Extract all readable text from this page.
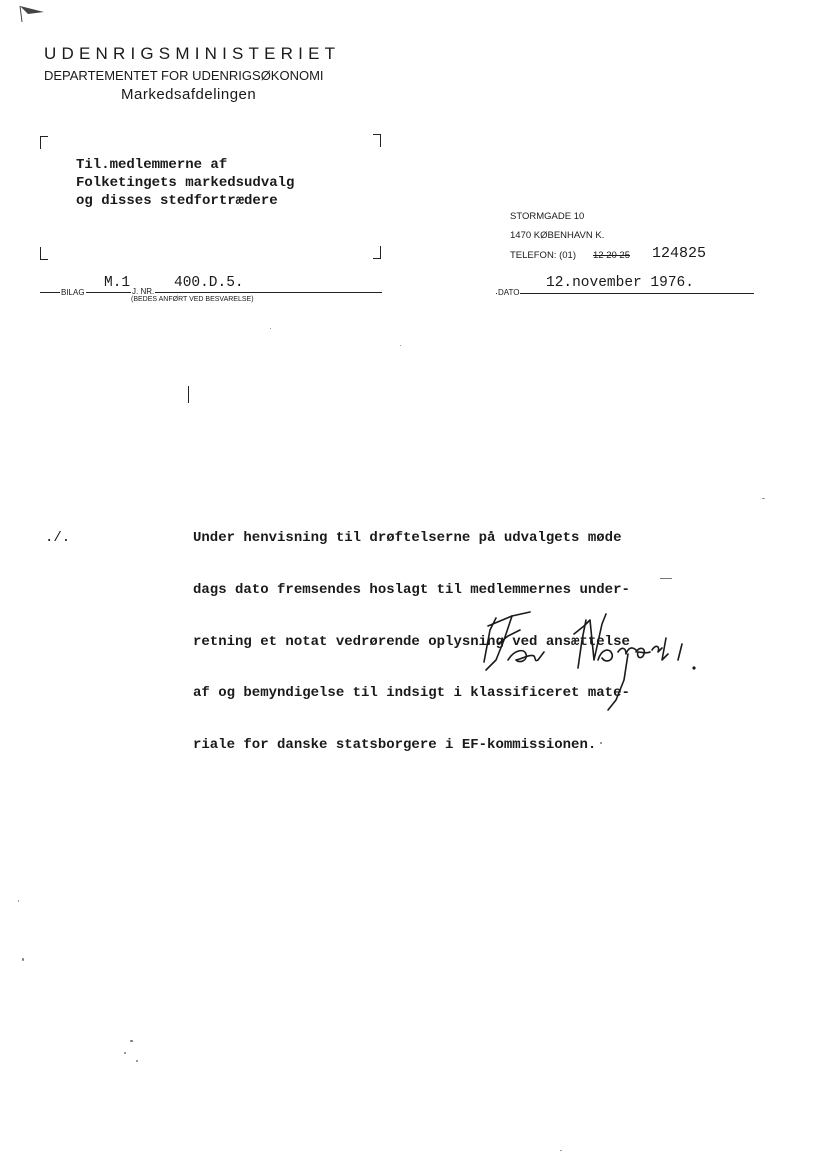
UDENRIGSMINISTERIET
DEPARTEMENTET FOR UDENRIGSØKONOMI
Markedsafdelingen
Til.medlemmerne af
Folketingets markedsudvalg
og disses stedfortrædere
STORMGADE 10
1470 KØBENHAVN K.
TELEFON: (01) 12 20 25 124825
BILAG
M.1
J. NR.
400.D.5.
(BEDES ANFØRT VED BESVARELSE)
DATO
12.november 1976.
./.

	Under henvisning til drøftelserne på udvalgets møde

dags dato fremsendes hoslagt til medlemmernes under-

retning et notat vedrørende oplysning ved ansættelse

af og bemyndigelse til indsigt i klassificeret mate-

riale for danske statsborgere i EF-kommissionen.
